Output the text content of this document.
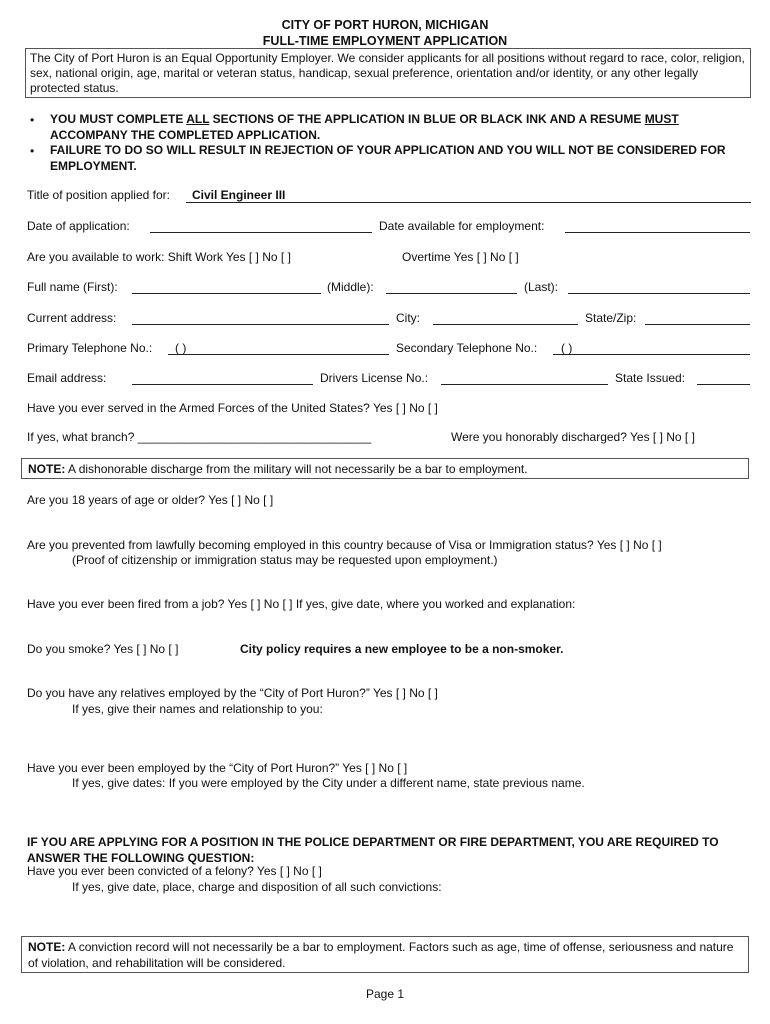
CITY OF PORT HURON, MICHIGAN
FULL-TIME EMPLOYMENT APPLICATION
The City of Port Huron is an Equal Opportunity Employer. We consider applicants for all positions without regard to race, color, religion, sex, national origin, age, marital or veteran status, handicap, sexual preference, orientation and/or identity, or any other legally protected status.
• YOU MUST COMPLETE ALL SECTIONS OF THE APPLICATION IN BLUE OR BLACK INK AND A RESUME MUST ACCOMPANY THE COMPLETED APPLICATION.
• FAILURE TO DO SO WILL RESULT IN REJECTION OF YOUR APPLICATION AND YOU WILL NOT BE CONSIDERED FOR EMPLOYMENT.
Title of position applied for: Civil Engineer III
Date of application:	Date available for employment:
Are you available to work: Shift Work Yes [ ] No [ ]	Overtime Yes [ ] No [ ]
Full name (First):	(Middle):	(Last):
Current address:	City:	State/Zip:
Primary Telephone No.: ( )	Secondary Telephone No.: ( )
Email address:	Drivers License No.:	State Issued:
Have you ever served in the Armed Forces of the United States? Yes [ ] No [ ]
If yes, what branch? ___________________________________	Were you honorably discharged? Yes [ ] No [ ]
NOTE: A dishonorable discharge from the military will not necessarily be a bar to employment.
Are you 18 years of age or older? Yes [ ] No [ ]
Are you prevented from lawfully becoming employed in this country because of Visa or Immigration status? Yes [ ] No [ ]
(Proof of citizenship or immigration status may be requested upon employment.)
Have you ever been fired from a job? Yes [ ] No [ ] If yes, give date, where you worked and explanation:
Do you smoke? Yes [ ] No [ ]	City policy requires a new employee to be a non-smoker.
Do you have any relatives employed by the “City of Port Huron?” Yes [ ] No [ ]
If yes, give their names and relationship to you:
Have you ever been employed by the “City of Port Huron?” Yes [ ] No [ ]
If yes, give dates: If you were employed by the City under a different name, state previous name.
IF YOU ARE APPLYING FOR A POSITION IN THE POLICE DEPARTMENT OR FIRE DEPARTMENT, YOU ARE REQUIRED TO ANSWER THE FOLLOWING QUESTION:
Have you ever been convicted of a felony? Yes [ ] No [ ]
If yes, give date, place, charge and disposition of all such convictions:
NOTE: A conviction record will not necessarily be a bar to employment. Factors such as age, time of offense, seriousness and nature of violation, and rehabilitation will be considered.
Page 1
